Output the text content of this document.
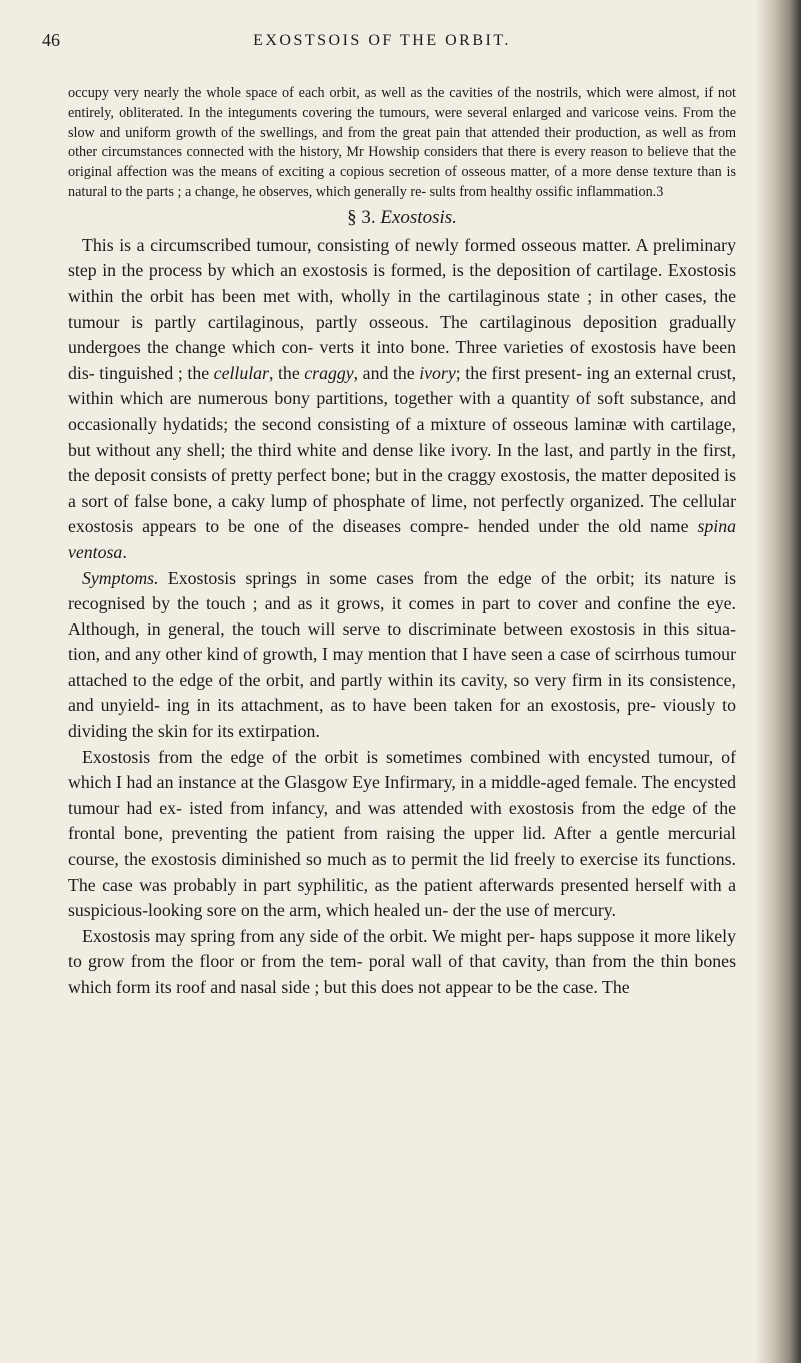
46	EXOSTSOIS OF THE ORBIT.

occupy very nearly the whole space of each orbit, as well as the cavities of the nostrils, which were almost, if not entirely, obliterated. In the integuments covering the tumours, were several enlarged and varicose veins. From the slow and uniform growth of the swellings, and from the great pain that attended their production, as well as from other circumstances connected with the history, Mr Howship considers that there is every reason to believe that the original affection was the means of exciting a copious secretion of osseous matter, of a more dense texture than is natural to the parts ; a change, he observes, which generally re- sults from healthy ossific inflammation.3

§ 3. Exostosis.

This is a circumscribed tumour, consisting of newly formed osseous matter. A preliminary step in the process by which an exostosis is formed, is the deposition of cartilage. Exostosis within the orbit has been met with, wholly in the cartilaginous state ; in other cases, the tumour is partly cartilaginous, partly osseous. The cartilaginous deposition gradually undergoes the change which con- verts it into bone. Three varieties of exostosis have been dis- tinguished ; the cellular, the craggy, and the ivory; the first present- ing an external crust, within which are numerous bony partitions, together with a quantity of soft substance, and occasionally hydatids; the second consisting of a mixture of osseous laminæ with cartilage, but without any shell; the third white and dense like ivory. In the last, and partly in the first, the deposit consists of pretty perfect bone; but in the craggy exostosis, the matter deposited is a sort of false bone, a caky lump of phosphate of lime, not perfectly organized. The cellular exostosis appears to be one of the diseases compre- hended under the old name spina ventosa.

Symptoms. Exostosis springs in some cases from the edge of the orbit; its nature is recognised by the touch ; and as it grows, it comes in part to cover and confine the eye. Although, in general, the touch will serve to discriminate between exostosis in this situa- tion, and any other kind of growth, I may mention that I have seen a case of scirrhous tumour attached to the edge of the orbit, and partly within its cavity, so very firm in its consistence, and unyield- ing in its attachment, as to have been taken for an exostosis, pre- viously to dividing the skin for its extirpation.

Exostosis from the edge of the orbit is sometimes combined with encysted tumour, of which I had an instance at the Glasgow Eye Infirmary, in a middle-aged female. The encysted tumour had ex- isted from infancy, and was attended with exostosis from the edge of the frontal bone, preventing the patient from raising the upper lid. After a gentle mercurial course, the exostosis diminished so much as to permit the lid freely to exercise its functions. The case was probably in part syphilitic, as the patient afterwards presented herself with a suspicious-looking sore on the arm, which healed un- der the use of mercury.

Exostosis may spring from any side of the orbit. We might per- haps suppose it more likely to grow from the floor or from the tem- poral wall of that cavity, than from the thin bones which form its roof and nasal side ; but this does not appear to be the case. The
